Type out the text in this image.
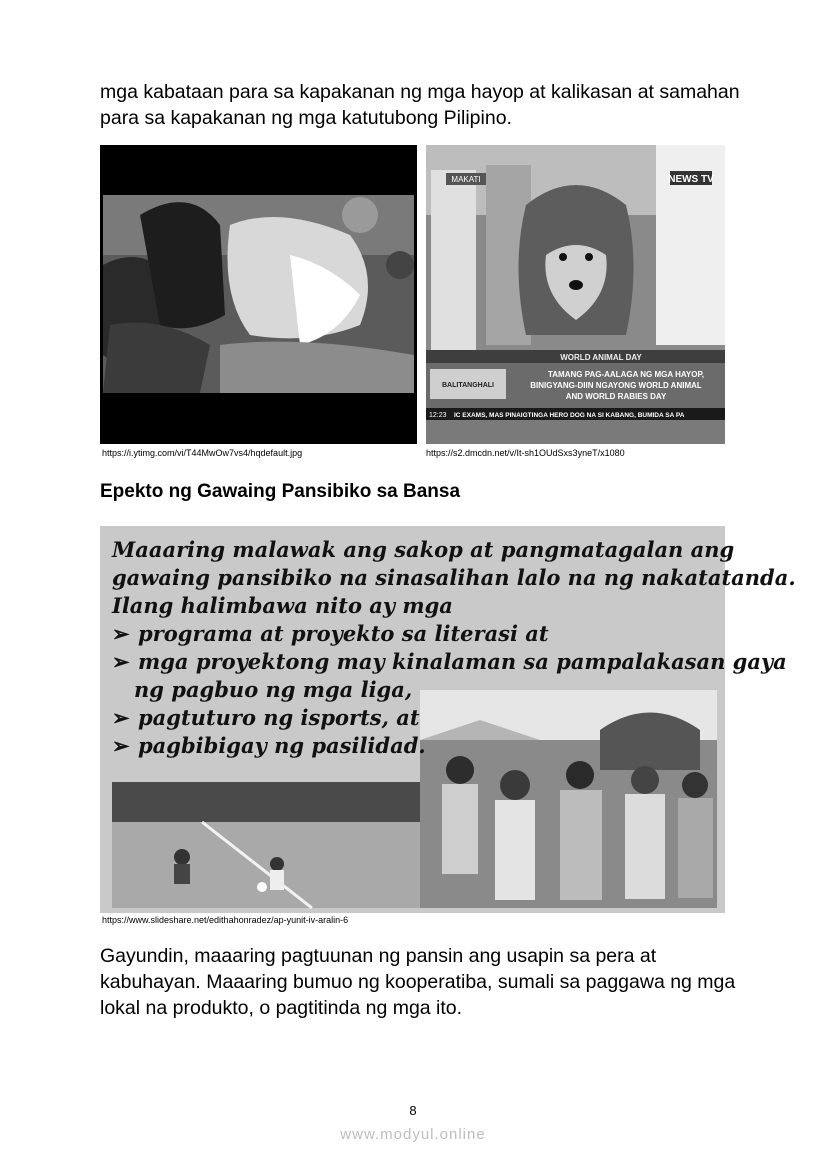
mga kabataan para sa kapakanan ng mga hayop at kalikasan at samahan para sa kapakanan ng mga katutubong Pilipino.

https://i.ytimg.com/vi/T44MwOw7vs4/hqdefault.jpg
MAKATI	NEWS TV
WORLD ANIMAL DAY
BALITANGHALI
TAMANG PAG-AALAGA NG MGA HAYOP,
BINIGYANG-DIIN NGAYONG WORLD ANIMAL
AND WORLD RABIES DAY
12:23 IC EXAMS, MAS PINAIGTINGA HERO DOG NA SI KABANG, BUMIDA SA PA
https://s2.dmcdn.net/v/It-sh1OUdSxs3yneT/x1080
Epekto ng Gawaing Pansibiko sa Bansa
Maaaring malawak ang sakop at pangmatagalan ang
gawaing pansibiko na sinasalihan lalo na ng nakatatanda.
Ilang halimbawa nito ay mga
➢ programa at proyekto sa literasi at
➢ mga proyektong may kinalaman sa pampalakasan gaya
ng pagbuo ng mga liga,
➢ pagtuturo ng isports, at
➢ pagbibigay ng pasilidad.
https://www.slideshare.net/edithahonradez/ap-yunit-iv-aralin-6

Gayundin, maaaring pagtuunan ng pansin ang usapin sa pera at kabuhayan. Maaaring bumuo ng kooperatiba, sumali sa paggawa ng mga lokal na produkto, o pagtitinda ng mga ito.

8
www.modyul.online
